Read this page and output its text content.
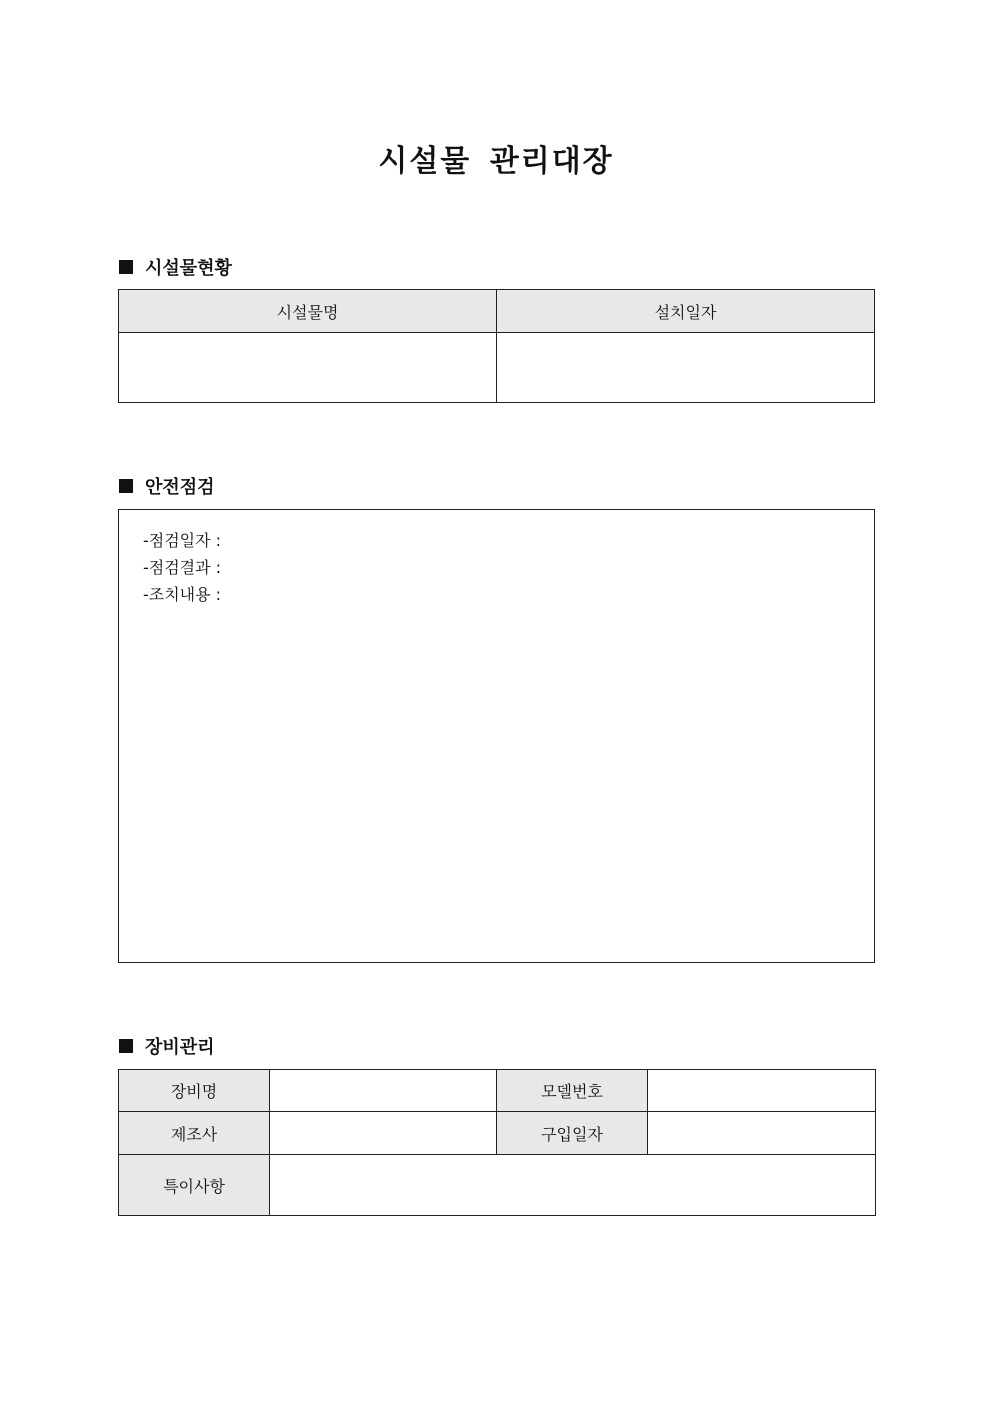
시설물 관리대장
시설물현황
시설물명	설치일자

안전점검
-점검일자 :
-점검결과 :
-조치내용 :
장비관리
장비명		모델번호	
제조사		구입일자	
특이사항			
